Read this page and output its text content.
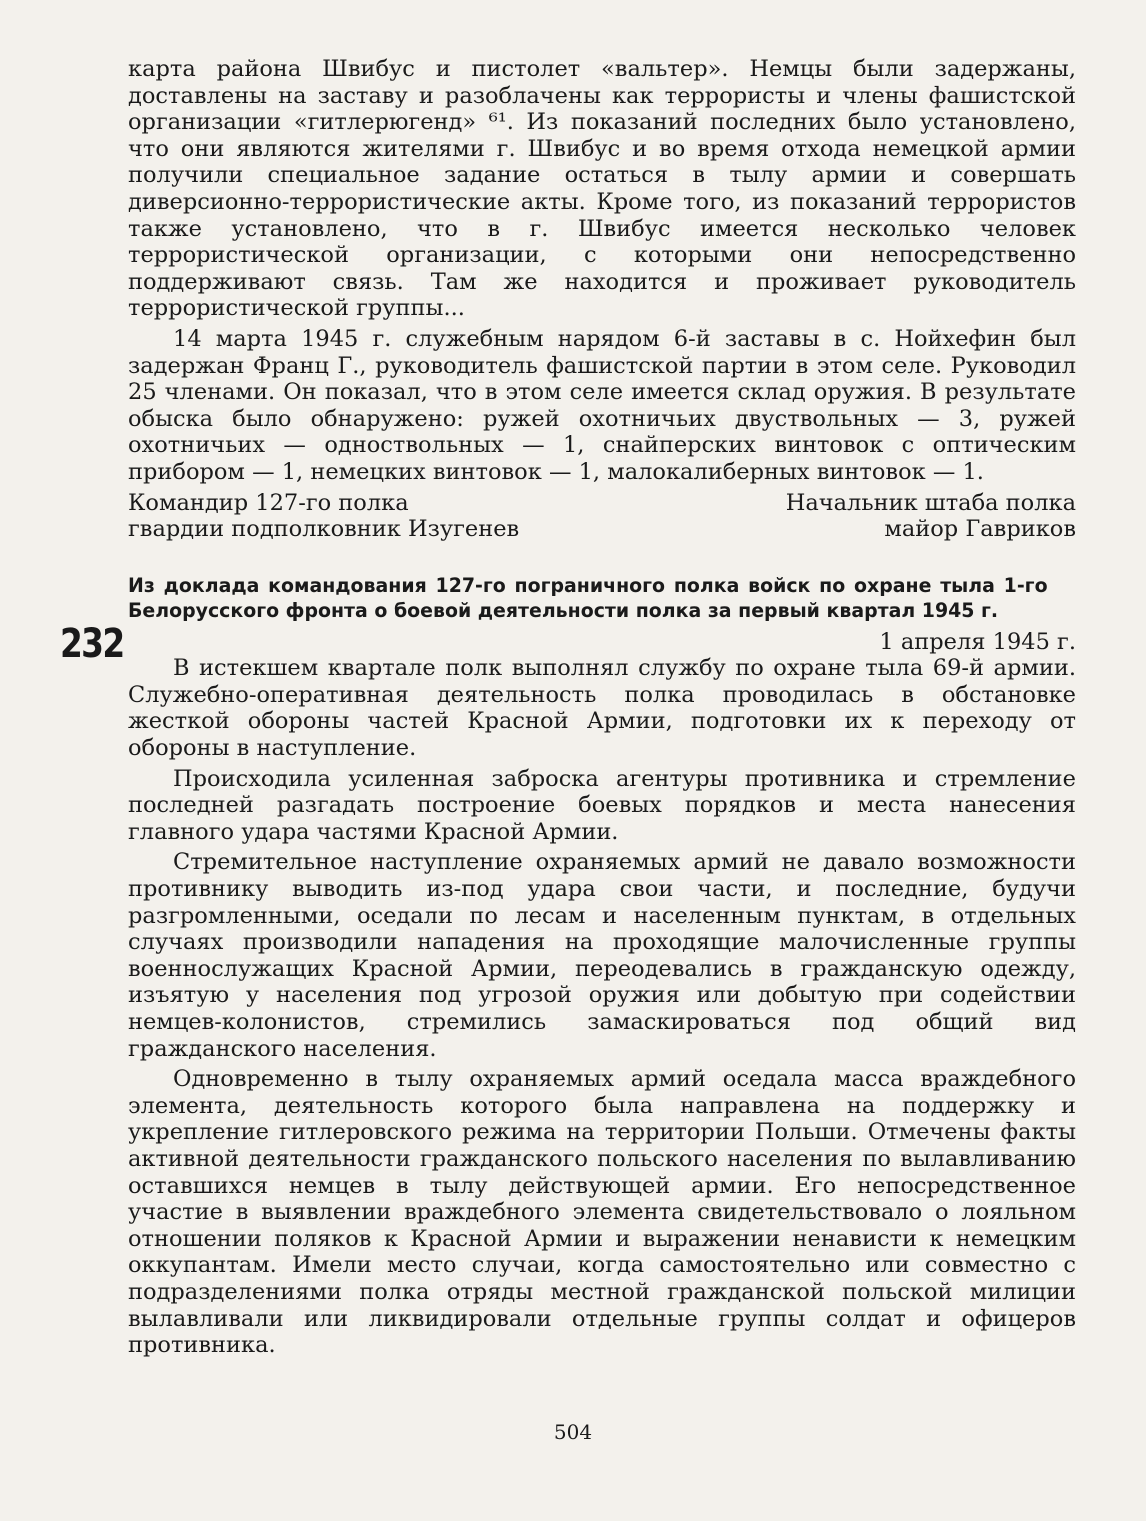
карта района Швибус и пистолет «вальтер». Немцы были задержаны, доставлены на заставу и разоблачены как террористы и члены фашистской организации «гитлерюгенд» ⁶¹. Из показаний последних было установлено, что они являются жителями г. Швибус и во время отхода немецкой армии получили специальное задание остаться в тылу армии и совершать диверсионно-террористические акты. Кроме того, из показаний террористов также установлено, что в г. Швибус имеется несколько человек террористической организации, с которыми они непосредственно поддерживают связь. Там же находится и проживает руководитель террористической группы...

14 марта 1945 г. служебным нарядом 6-й заставы в с. Нойхефин был задержан Франц Г., руководитель фашистской партии в этом селе. Руководил 25 членами. Он показал, что в этом селе имеется склад оружия. В результате обыска было обнаружено: ружей охотничьих двуствольных — 3, ружей охотничьих — одноствольных — 1, снайперских винтовок с оптическим прибором — 1, немецких винтовок — 1, малокалиберных винтовок — 1.

Командир 127-го полка
гвардии подполковник Изугенев
Начальник штаба полка
майор Гавриков
Из доклада командования 127-го пограничного полка войск по охране тыла 1-го Белорусского фронта о боевой деятельности полка за первый квартал 1945 г.
1 апреля 1945 г.

В истекшем квартале полк выполнял службу по охране тыла 69-й армии. Служебно-оперативная деятельность полка проводилась в обстановке жесткой обороны частей Красной Армии, подготовки их к переходу от обороны в наступление.

Происходила усиленная заброска агентуры противника и стремление последней разгадать построение боевых порядков и места нанесения главного удара частями Красной Армии.

Стремительное наступление охраняемых армий не давало возможности противнику выводить из-под удара свои части, и последние, будучи разгромленными, оседали по лесам и населенным пунктам, в отдельных случаях производили нападения на проходящие малочисленные группы военнослужащих Красной Армии, переодевались в гражданскую одежду, изъятую у населения под угрозой оружия или добытую при содействии немцев-колонистов, стремились замаскироваться под общий вид гражданского населения.

Одновременно в тылу охраняемых армий оседала масса враждебного элемента, деятельность которого была направлена на поддержку и укрепление гитлеровского режима на территории Польши. Отмечены факты активной деятельности гражданского польского населения по вылавливанию оставшихся немцев в тылу действующей армии. Его непосредственное участие в выявлении враждебного элемента свидетельствовало о лояльном отношении поляков к Красной Армии и выражении ненависти к немецким оккупантам. Имели место случаи, когда самостоятельно или совместно с подразделениями полка отряды местной гражданской польской милиции вылавливали или ликвидировали отдельные группы солдат и офицеров противника.

232
504
